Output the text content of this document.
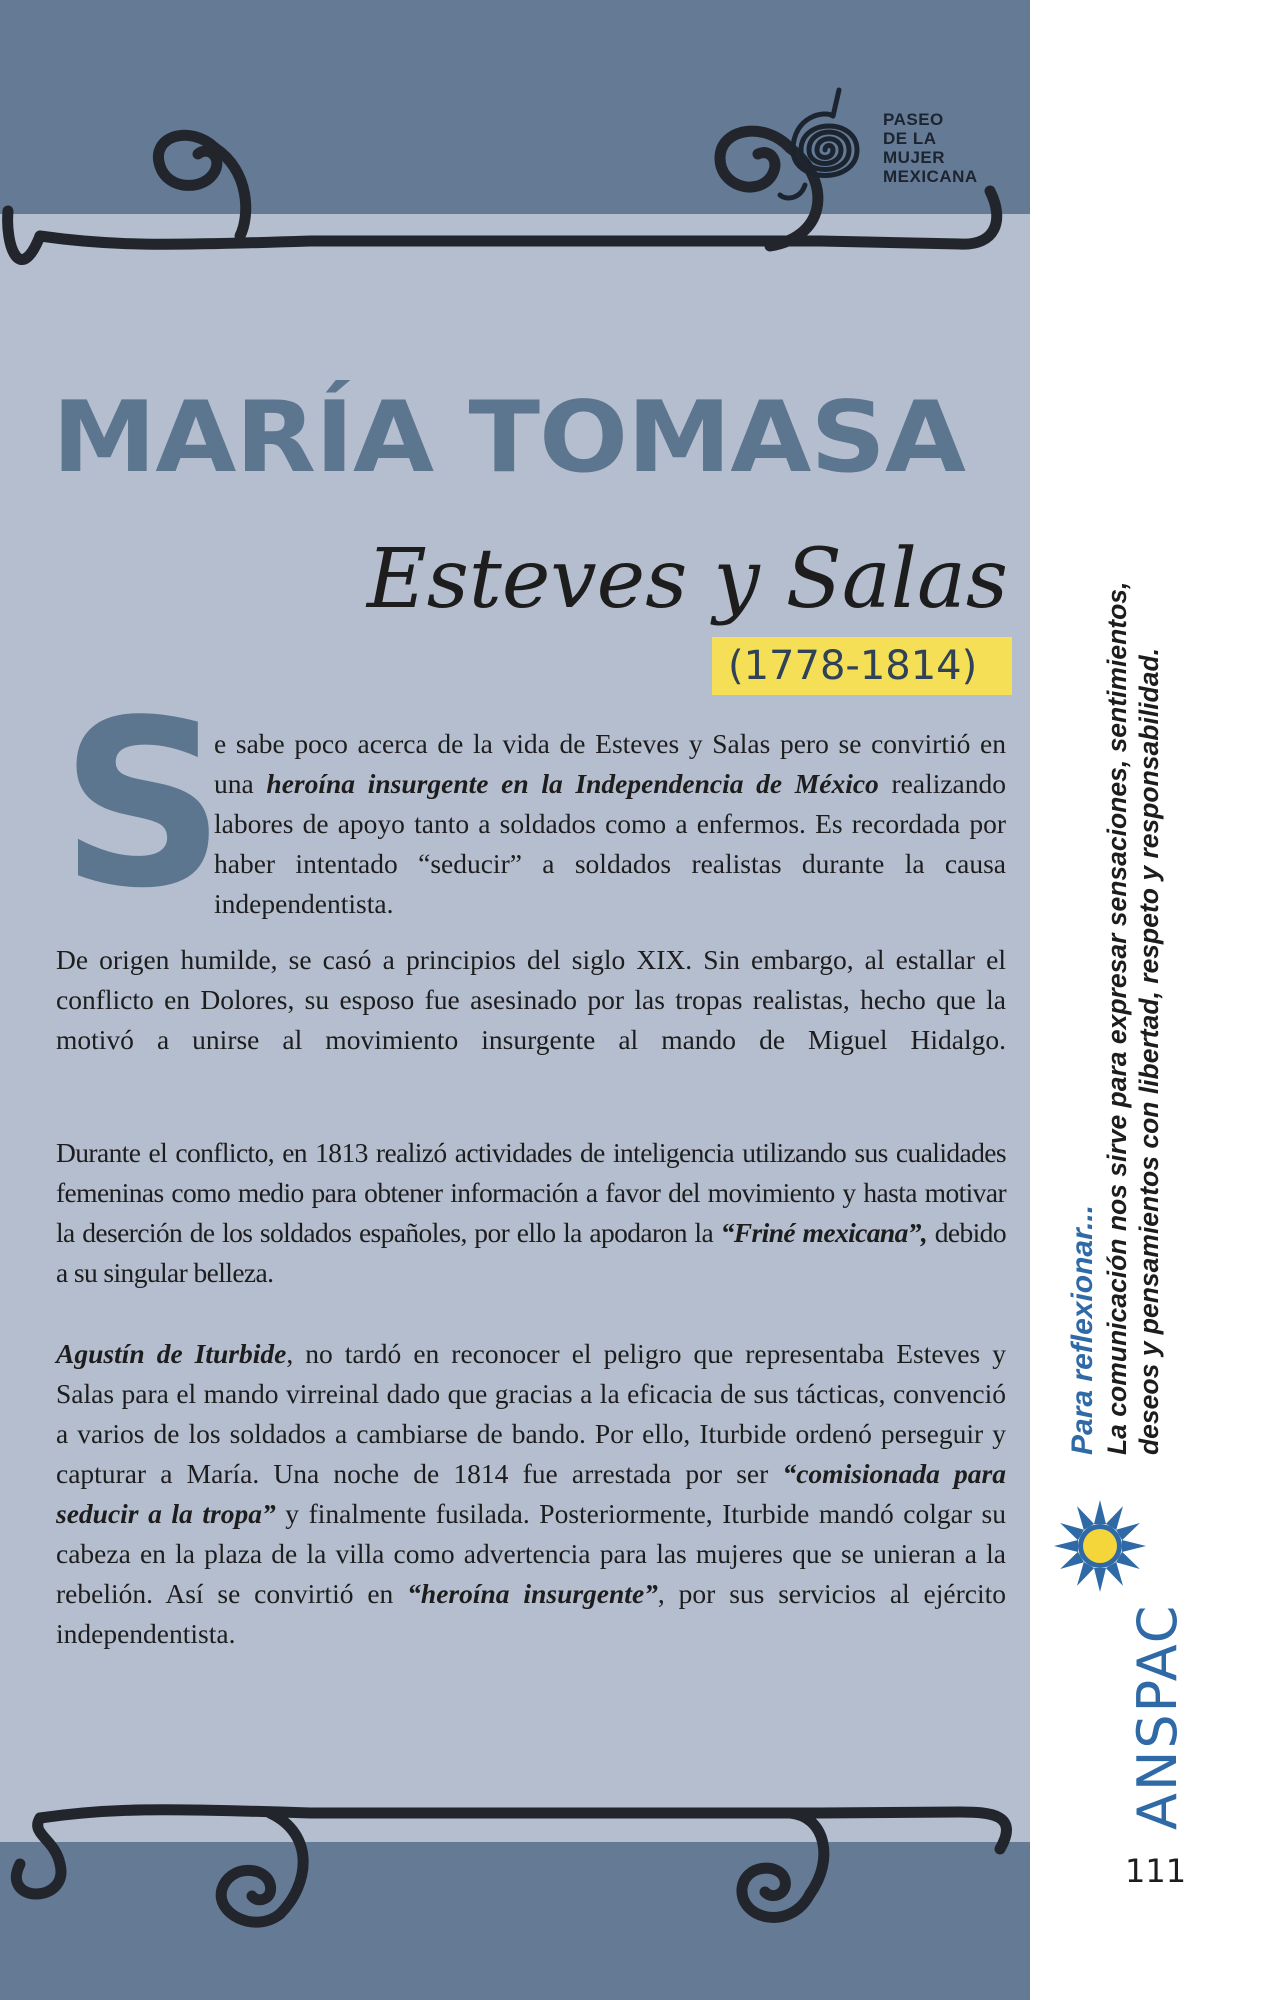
PASEO
DE LA
MUJER
MEXICANA
MARÍA TOMASA
Esteves y Salas
(1778-1814)
S
e sabe poco acerca de la vida de Esteves y Salas pero se convirtió en una heroína insurgente en la Independencia de México realizando labores de apoyo tanto a soldados como a enfermos. Es recordada por haber intentado “seducir” a soldados realistas durante la causa independentista.
De origen humilde, se casó a principios del siglo XIX. Sin embargo, al estallar el conflicto en Dolores, su esposo fue asesinado por las tropas realistas, hecho que la motivó a unirse al movimiento insurgente al mando de Miguel Hidalgo.
Durante el conflicto, en 1813 realizó actividades de inteligencia utilizando sus cualidades femeninas como medio para obtener información a favor del movimiento y hasta motivar la deserción de los soldados españoles, por ello la apodaron la “Friné mexicana”, debido a su singular belleza.
Agustín de Iturbide, no tardó en reconocer el peligro que representaba Esteves y Salas para el mando virreinal dado que gracias a la eficacia de sus tácticas, convenció a varios de los soldados a cambiarse de bando. Por ello, Iturbide ordenó perseguir y capturar a María. Una noche de 1814 fue arrestada por ser “comisionada para seducir a la tropa” y finalmente fusilada. Posteriormente, Iturbide mandó colgar su cabeza en la plaza de la villa como advertencia para las mujeres que se unieran a la rebelión. Así se convirtió en “heroína insurgente”, por sus servicios al ejército independentista.
Para reflexionar... La comunicación nos sirve para expresar sensaciones, sentimientos, deseos y pensamientos con libertad, respeto y responsabilidad.
ANSPAC
111
